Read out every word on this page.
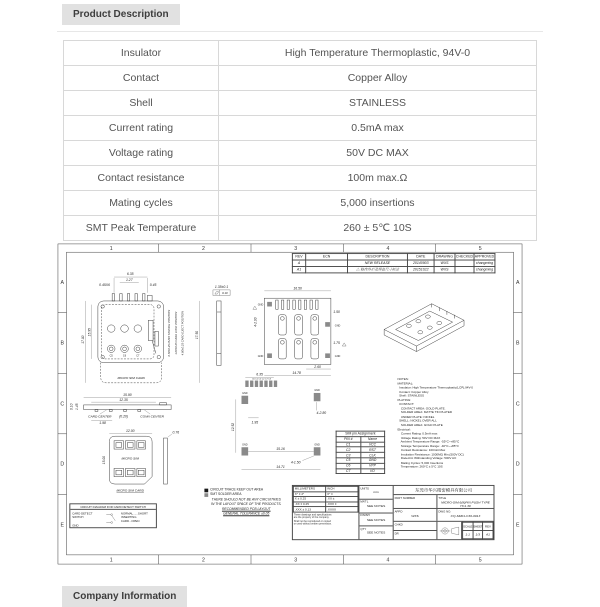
Product Description
Insulator	High Temperature Thermoplastic, 94V-0
Contact	Copper Alloy
Shell	STAINLESS
Current rating	0.5mA max
Voltage rating	50V DC MAX
Contact resistance	100m max.Ω
Mating cycles	5,000 insertions
SMT Peak Temperature	260 ± 5℃ 10S
1
1
2
2
3
3
4
4
5
5
A	A
B	B
C	C
D	D
E	E
6.35
1.27
0.45
0.45X6
C5	C6	C7
MICRO SIM CARD
17.00
15.95	17.50
0.50±0.25 PUSH STROKE POSITION 1.00±0.25 CARD LOCK POSITION 4.80±0.25 CARD EJECT POSITION
1.35±0.1
0.10
15.90
12.35
1.45
0.10
CARD CENTER (0.20)	CONN CENTER
1.98
12.00
MICRO SIM
15.00
MICRO SIM CARD
0.76
16.50
GND
GND
GND	GND
4-2.00
1.50
1.75
2.60
14.78
6.35
C6 C1 C5 C2 C7 C3
GND
GND
4-2.80
1.95
12.52
GND	GND
15.16
4-1.50
14.71
REV	ECN	DESCRIPTION	DATE	DRAWING	CHECKED	APPROVED
A		NEW RELEASE	20140903	WXS		changming
A1		△ 修改外形及焊盘尺寸标注	20151022	WXS		changming
NOTES:
MATERIAL:
Insulator: High Temperature Thermoplastic(LCP),94V-0
Contact: Copper Alloy
Shell: STAINLESS
PLATING:
CONTACT:
CONTACT AREA: GOLD PLATE.
SOLDER AREA: MATTE TIN PLATED
UNDER PLATE: NICKEL
SHELL: NICKEL OVER ALL
SOLDER AREA: GOLD PLATE
Electrical:
Current Rating: 0.5mA max
Voltage Rating: 50V DC MAX
Ambient Temperature Range: -55°C~+85°C
Storage Temperature Range: -40°C~+85°C
Contact Resistance: 100mΩ Max
Insulation Resistance: 1000MΩ Min,(500V DC)
Dielectric Withstanding Voltage: 500V AC
Mating Cycles: 5,000 Insertions
Temperature: 260°C ± 5°C 10S
SIM pin Assignment	
PIN #	Name
C1	VCC
C2	RST
C3	CLK
C5	GND
C6	VPP
C7	I/O
CIRCUIT TRACE KEEP OUT AREA
SMT SOLDER AREA
THERE SHOULD NOT BE ANY CIRCUITRIES
IN THE LAYOUT SPACE OF THE PRODUCTS.
RECOMMENDED PCB LAYOUT
GENERAL TOLERANCE ±0.05
CIRCUIT DIAGRAM FOR CARD DETECT SWITCH
CARD DETECT SWITCH
GND
NORMAL......SHORT
INSERTING CARD...OPEN
MILLIMETERS	INCH
X° ± 2°	X° ±
X ± 0.25	.XX ±
.XX ± 0.25	.XXX ±
.XXX ± 0.13	.XXXX
These drawings and specifications
are the property of the company.
Shall not be reproduced or copied
or used without written permission.
UNITS
mm
MAT'L
SEE NOTES
FINISH
SEE NOTES
QTY
SEE NOTES
东莞市华兴精密模具有限公司
PART NUMBER	TITLE
MICRO-SIM 6(8)PIN PUSH TYPE H=1.30
APPD
WXS
DWG NO.
CQ-SM01-C30-0013
CHKD
DR
SCALE	SHEET	REV
1:1	1/3	A1
Company Information
